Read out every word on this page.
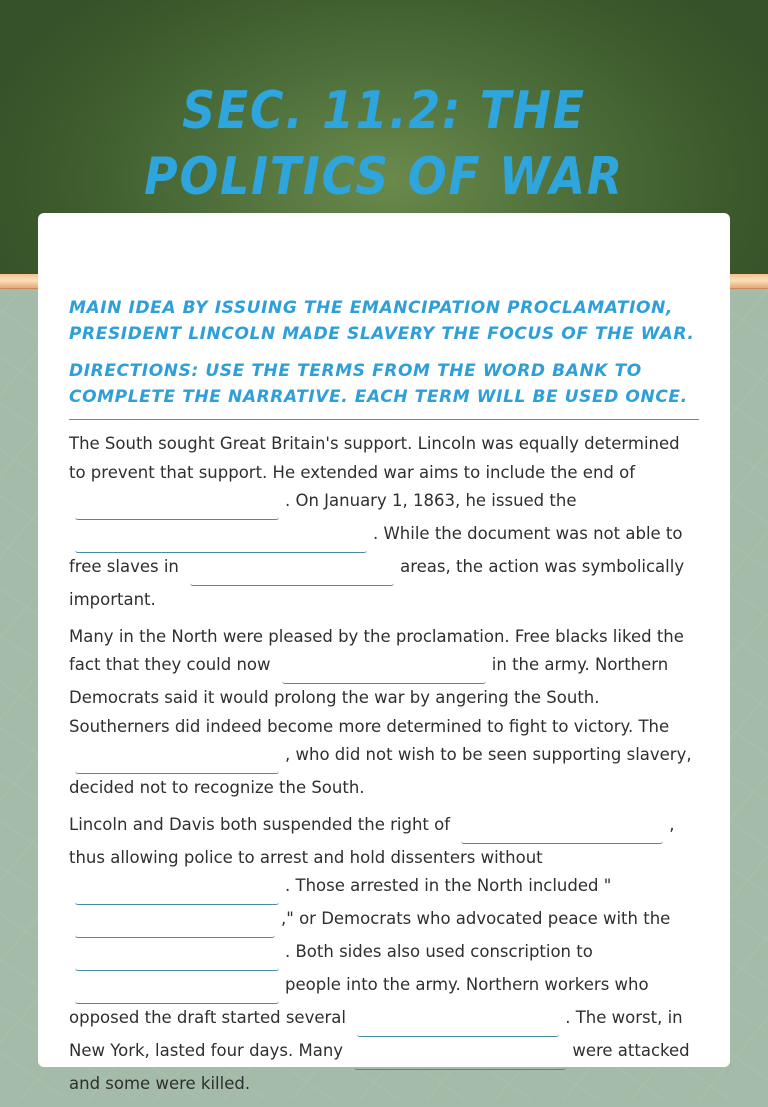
SEC. 11.2: THE POLITICS OF WAR

MAIN IDEA BY ISSUING THE EMANCIPATION PROCLAMATION, PRESIDENT LINCOLN MADE SLAVERY THE FOCUS OF THE WAR.

DIRECTIONS: USE THE TERMS FROM THE WORD BANK TO COMPLETE THE NARRATIVE. EACH TERM WILL BE USED ONCE.

The South sought Great Britain's support. Lincoln was equally determined to prevent that support. He extended war aims to include the end of
. On January 1, 1863, he issued the
. While the document was not able to free slaves in	areas, the action was symbolically important.

Many in the North were pleased by the proclamation. Free blacks liked the fact that they could now	in the army. Northern Democrats said it would prolong the war by angering the South. Southerners did indeed become more determined to fight to victory. The
, who did not wish to be seen supporting slavery, decided not to recognize the South.

Lincoln and Davis both suspended the right of	, thus allowing police to arrest and hold dissenters without
. Those arrested in the North included "
," or Democrats who advocated peace with the
. Both sides also used conscription to
people into the army. Northern workers who opposed the draft started several	. The worst, in New York, lasted four days. Many	were attacked and some were killed.
